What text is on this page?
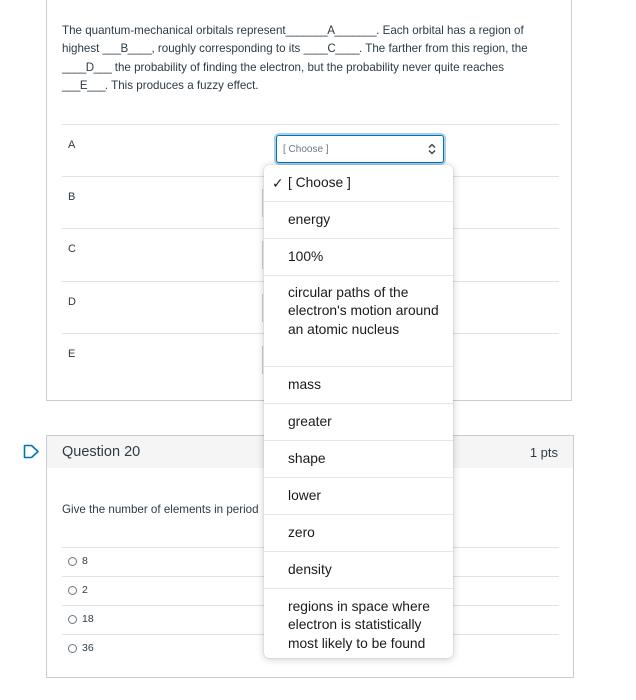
The quantum-mechanical orbitals represent_______A_______. Each orbital has a region of highest ___B____, roughly corresponding to its ____C____. The farther from this region, the ____D___ the probability of finding the electron, but the probability never quite reaches ___E___. This produces a fuzzy effect.
A	[ Choose ]
B
C
D
E
Question 20	1 pts
Give the number of elements in period
8
2
18
36
✓ [ Choose ]
energy
100%
circular paths of the electron's motion around an atomic nucleus
mass
greater
shape
lower
zero
density
regions in space where electron is statistically most likely to be found
